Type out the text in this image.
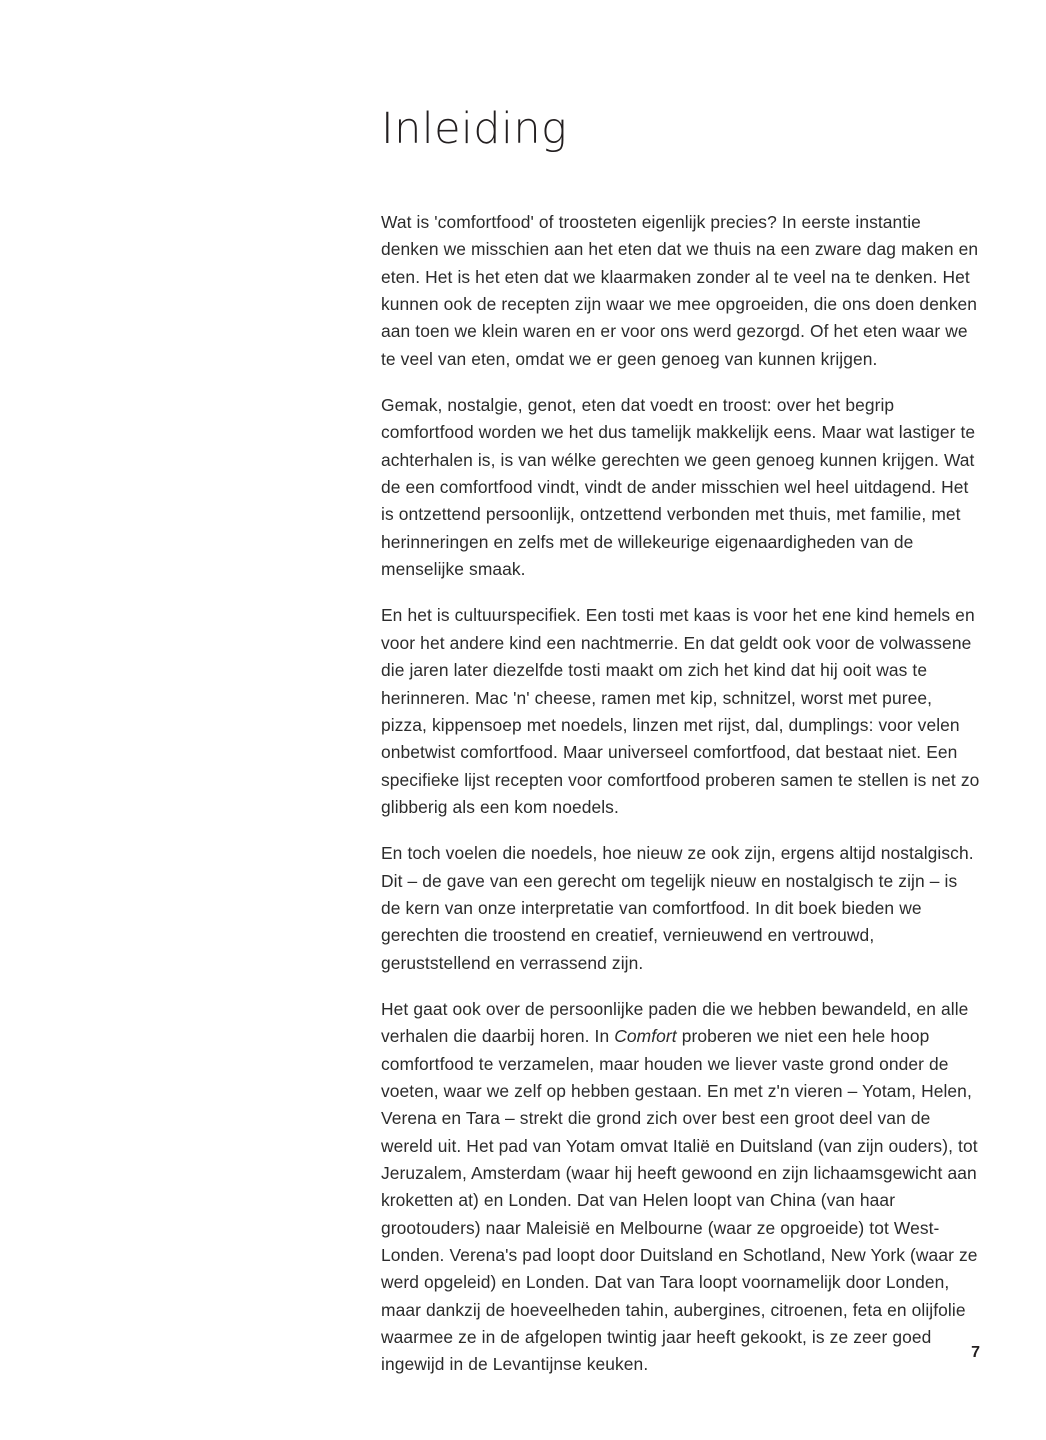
Inleiding

Wat is 'comfortfood' of troosteten eigenlijk precies? In eerste instantie denken we misschien aan het eten dat we thuis na een zware dag maken en eten. Het is het eten dat we klaarmaken zonder al te veel na te denken. Het kunnen ook de recepten zijn waar we mee opgroeiden, die ons doen denken aan toen we klein waren en er voor ons werd gezorgd. Of het eten waar we te veel van eten, omdat we er geen genoeg van kunnen krijgen.

Gemak, nostalgie, genot, eten dat voedt en troost: over het begrip comfortfood worden we het dus tamelijk makkelijk eens. Maar wat lastiger te achterhalen is, is van wélke gerechten we geen genoeg kunnen krijgen. Wat de een comfortfood vindt, vindt de ander misschien wel heel uitdagend. Het is ontzettend persoonlijk, ontzettend verbonden met thuis, met familie, met herinneringen en zelfs met de willekeurige eigenaardigheden van de menselijke smaak.

En het is cultuurspecifiek. Een tosti met kaas is voor het ene kind hemels en voor het andere kind een nachtmerrie. En dat geldt ook voor de volwassene die jaren later diezelfde tosti maakt om zich het kind dat hij ooit was te herinneren. Mac 'n' cheese, ramen met kip, schnitzel, worst met puree, pizza, kippensoep met noedels, linzen met rijst, dal, dumplings: voor velen onbetwist comfortfood. Maar universeel comfortfood, dat bestaat niet. Een specifieke lijst recepten voor comfortfood proberen samen te stellen is net zo glibberig als een kom noedels.

En toch voelen die noedels, hoe nieuw ze ook zijn, ergens altijd nostalgisch. Dit – de gave van een gerecht om tegelijk nieuw en nostalgisch te zijn – is de kern van onze interpretatie van comfortfood. In dit boek bieden we gerechten die troostend en creatief, vernieuwend en vertrouwd, geruststellend en verrassend zijn.

Het gaat ook over de persoonlijke paden die we hebben bewandeld, en alle verhalen die daarbij horen. In Comfort proberen we niet een hele hoop comfortfood te verzamelen, maar houden we liever vaste grond onder de voeten, waar we zelf op hebben gestaan. En met z'n vieren – Yotam, Helen, Verena en Tara – strekt die grond zich over best een groot deel van de wereld uit. Het pad van Yotam omvat Italië en Duitsland (van zijn ouders), tot Jeruzalem, Amsterdam (waar hij heeft gewoond en zijn lichaamsgewicht aan kroketten at) en Londen. Dat van Helen loopt van China (van haar grootouders) naar Maleisië en Melbourne (waar ze opgroeide) tot West-Londen. Verena's pad loopt door Duitsland en Schotland, New York (waar ze werd opgeleid) en Londen. Dat van Tara loopt voornamelijk door Londen, maar dankzij de hoeveelheden tahin, aubergines, citroenen, feta en olijfolie waarmee ze in de afgelopen twintig jaar heeft gekookt, is ze zeer goed ingewijd in de Levantijnse keuken.

7
